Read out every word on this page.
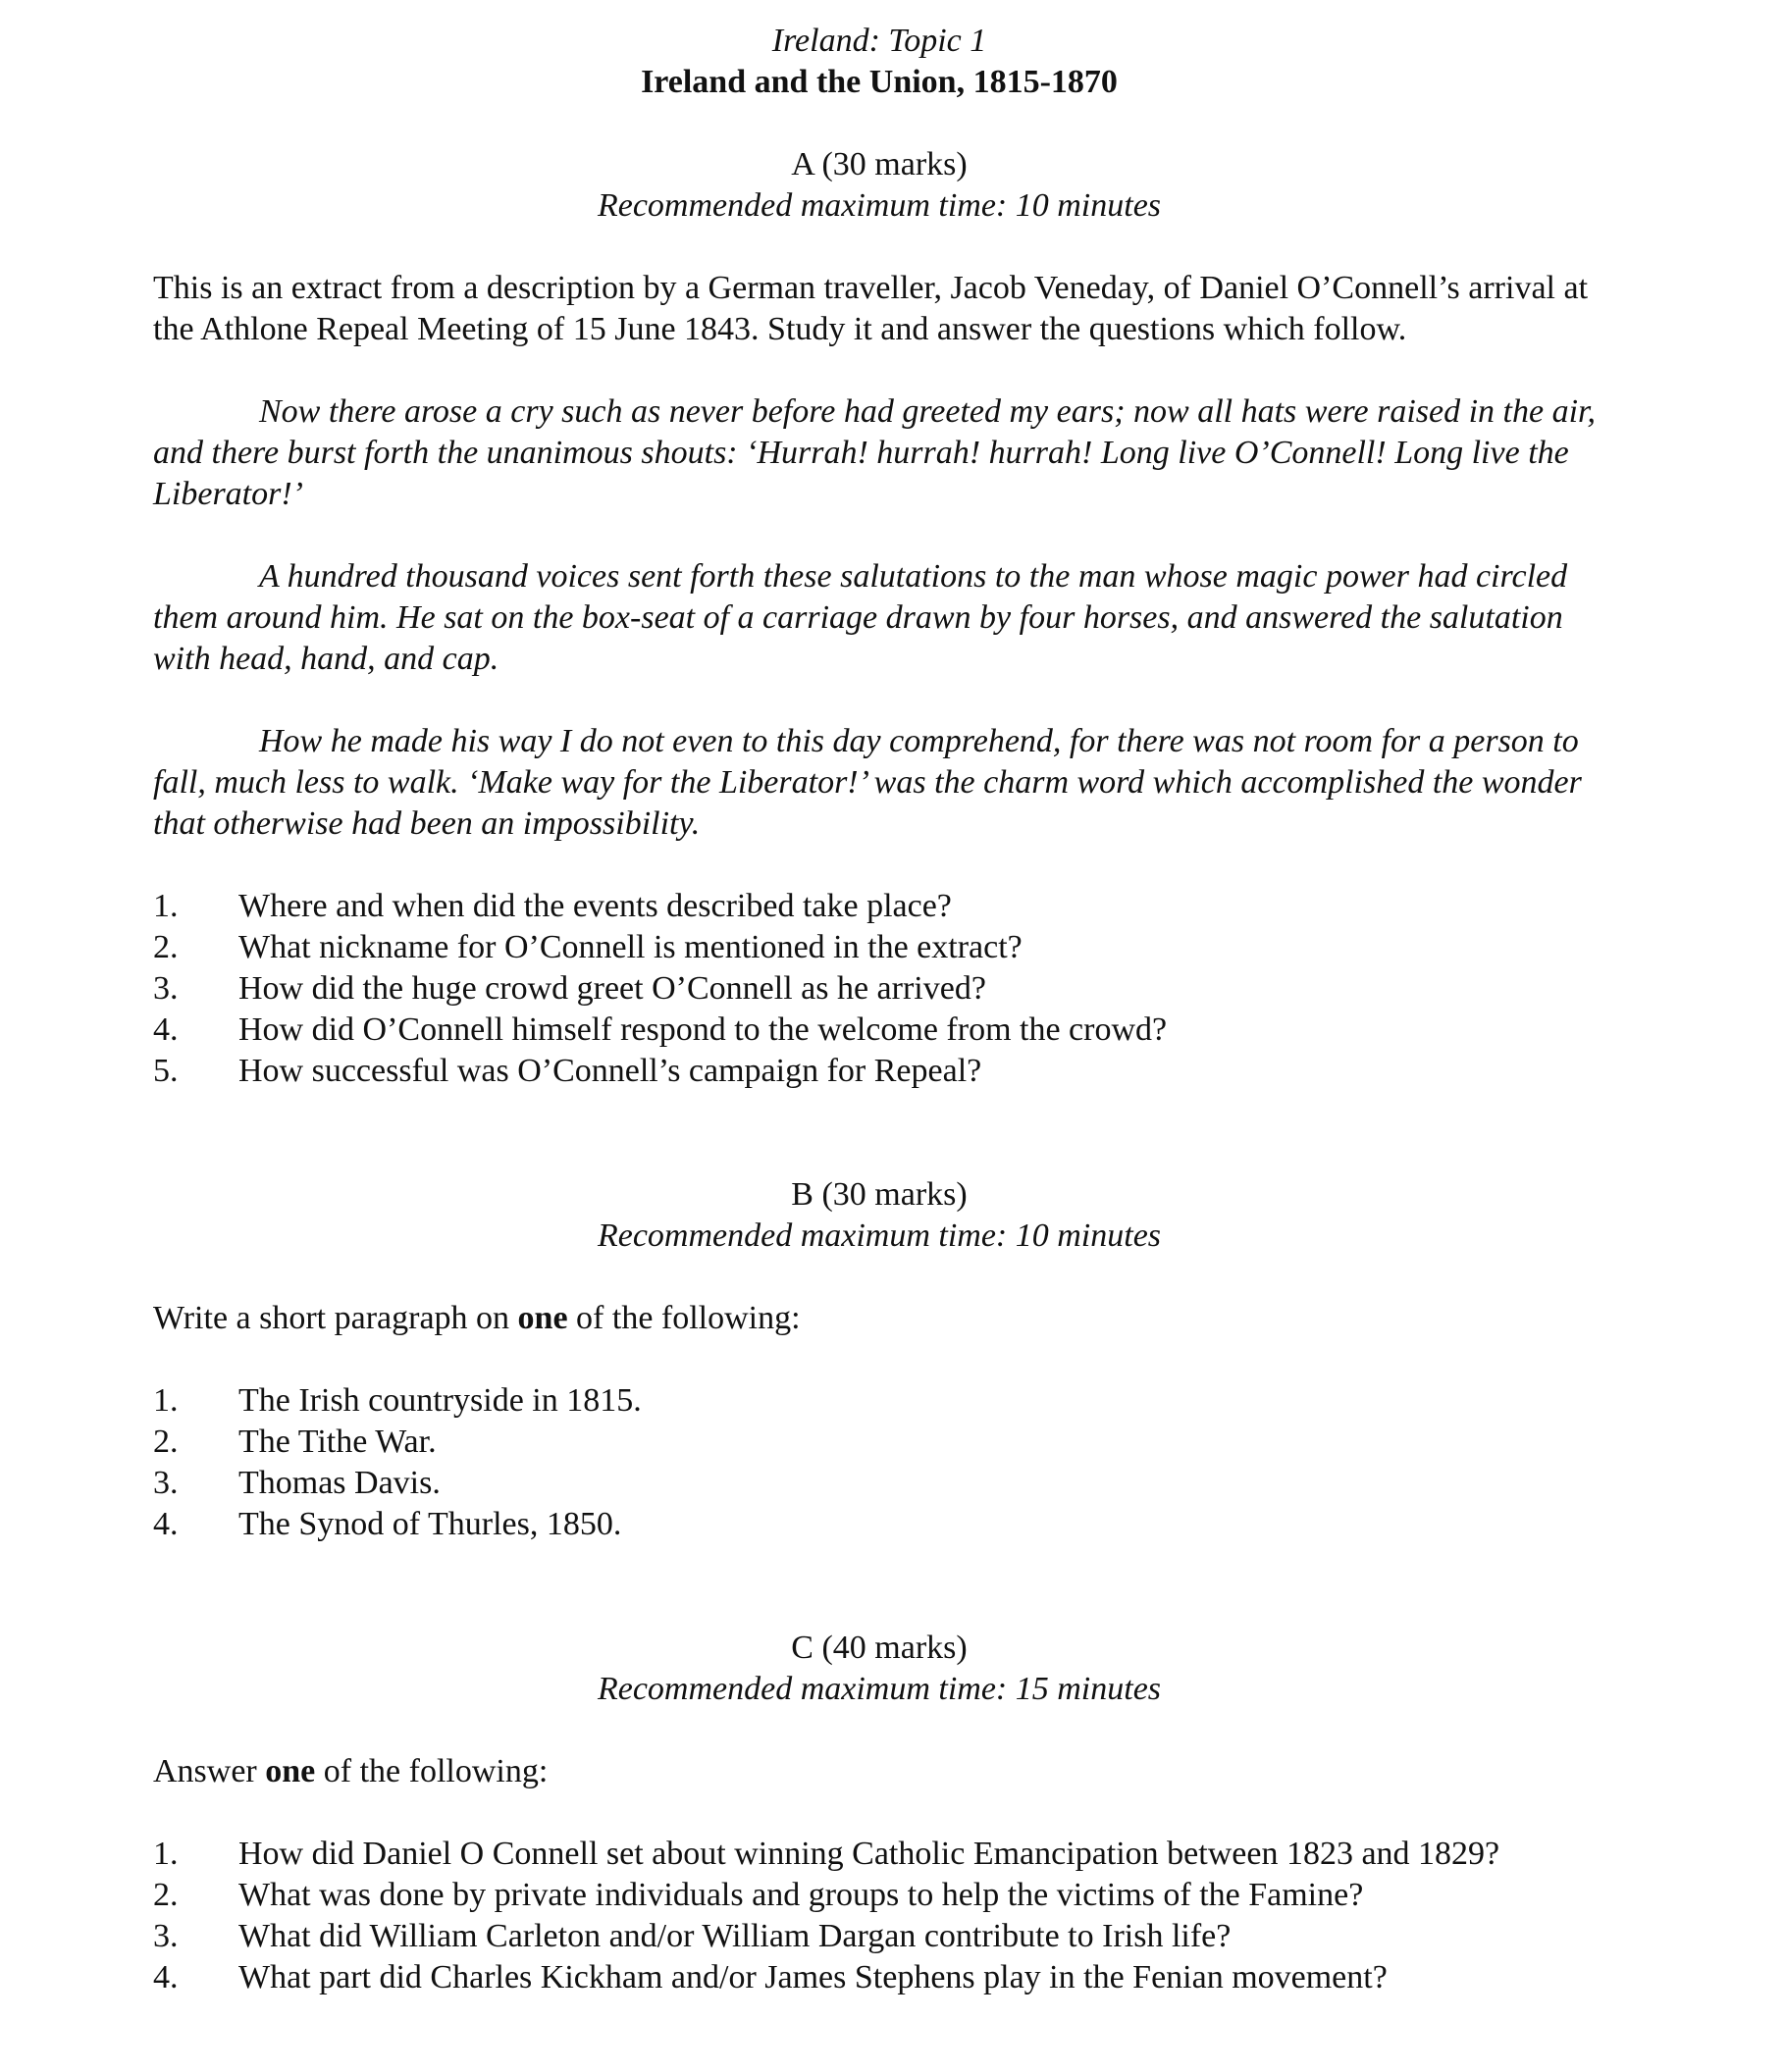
Ireland: Topic 1

Ireland and the Union, 1815-1870

A (30 marks)

Recommended maximum time: 10 minutes

This is an extract from a description by a German traveller, Jacob Veneday, of Daniel O’Connell’s arrival at the Athlone Repeal Meeting of 15 June 1843. Study it and answer the questions which follow.

Now there arose a cry such as never before had greeted my ears; now all hats were raised in the air, and there burst forth the unanimous shouts: ‘Hurrah! hurrah! hurrah! Long live O’Connell! Long live the Liberator!’

A hundred thousand voices sent forth these salutations to the man whose magic power had circled them around him. He sat on the box-seat of a carriage drawn by four horses, and answered the salutation with head, hand, and cap.

How he made his way I do not even to this day comprehend, for there was not room for a person to fall, much less to walk. ‘Make way for the Liberator!’ was the charm word which accomplished the wonder that otherwise had been an impossibility.

1.	Where and when did the events described take place?
2.	What nickname for O’Connell is mentioned in the extract?
3.	How did the huge crowd greet O’Connell as he arrived?
4.	How did O’Connell himself respond to the welcome from the crowd?
5.	How successful was O’Connell’s campaign for Repeal?

B (30 marks)

Recommended maximum time: 10 minutes

Write a short paragraph on one of the following:

1.	The Irish countryside in 1815.
2.	The Tithe War.
3.	Thomas Davis.
4.	The Synod of Thurles, 1850.

C (40 marks)

Recommended maximum time: 15 minutes

Answer one of the following:

1.	How did Daniel O Connell set about winning Catholic Emancipation between 1823 and 1829?
2.	What was done by private individuals and groups to help the victims of the Famine?
3.	What did William Carleton and/or William Dargan contribute to Irish life?
4.	What part did Charles Kickham and/or James Stephens play in the Fenian movement?
